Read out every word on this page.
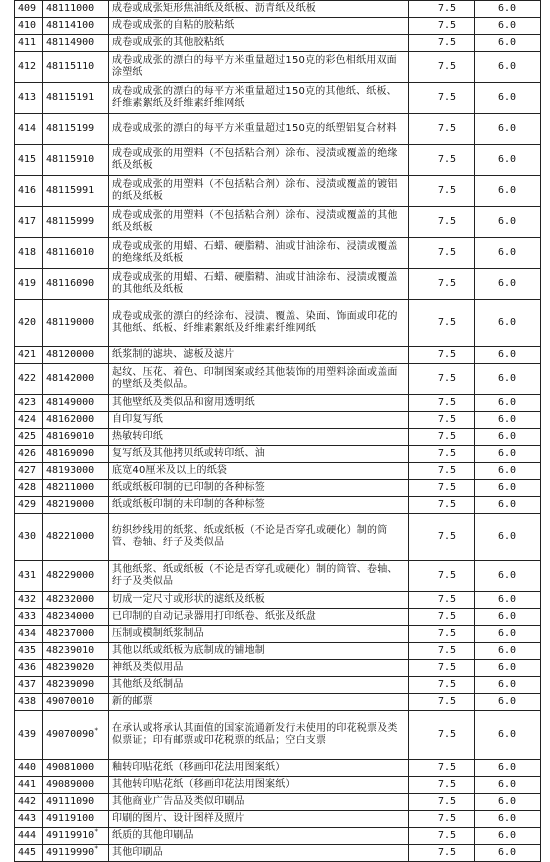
409	48111000	成卷或成张矩形焦油纸及纸板、沥青纸及纸板	7.5	6.0
410	48114100	成卷或成张的自粘的胶粘纸	7.5	6.0
411	48114900	成卷或成张的其他胶粘纸	7.5	6.0
412	48115110	成卷或成张的漂白的每平方米重量超过150克的彩色相纸用双面涂塑纸	7.5	6.0
413	48115191	成卷或成张的漂白的每平方米重量超过150克的其他纸、纸板、纤维素絮纸及纤维素纤维网纸	7.5	6.0
414	48115199	成卷或成张的漂白的每平方米重量超过150克的纸塑铝复合材料	7.5	6.0
415	48115910	成卷或成张的用塑料（不包括粘合剂）涂布、浸渍或覆盖的绝缘纸及纸板	7.5	6.0
416	48115991	成卷或成张的用塑料（不包括粘合剂）涂布、浸渍或覆盖的镀铝的纸及纸板	7.5	6.0
417	48115999	成卷或成张的用塑料（不包括粘合剂）涂布、浸渍或覆盖的其他纸及纸板	7.5	6.0
418	48116010	成卷或成张的用蜡、石蜡、硬脂精、油或甘油涂布、浸渍或覆盖的绝缘纸及纸板	7.5	6.0
419	48116090	成卷或成张的用蜡、石蜡、硬脂精、油或甘油涂布、浸渍或覆盖的其他纸及纸板	7.5	6.0
420	48119000	成卷或成张的漂白的经涂布、浸渍、覆盖、染面、饰面或印花的其他纸、纸板、纤维素絮纸及纤维素纤维网纸	7.5	6.0
421	48120000	纸浆制的滤块、滤板及滤片	7.5	6.0
422	48142000	起纹、压花、着色、印制图案或经其他装饰的用塑料涂面或盖面的壁纸及类似品。	7.5	6.0
423	48149000	其他壁纸及类似品和窗用透明纸	7.5	6.0
424	48162000	自印复写纸	7.5	6.0
425	48169010	热敏转印纸	7.5	6.0
426	48169090	复写纸及其他拷贝纸或转印纸、油	7.5	6.0
427	48193000	底宽40厘米及以上的纸袋	7.5	6.0
428	48211000	纸或纸板印制的已印制的各种标签	7.5	6.0
429	48219000	纸或纸板印制的未印制的各种标签	7.5	6.0
430	48221000	纺织纱线用的纸浆、纸或纸板（不论是否穿孔或硬化）制的筒管、卷轴、纡子及类似品	7.5	6.0
431	48229000	其他纸浆、纸或纸板（不论是否穿孔或硬化）制的筒管、卷轴、纡子及类似品	7.5	6.0
432	48232000	切成一定尺寸或形状的滤纸及纸板	7.5	6.0
433	48234000	已印制的自动记录器用打印纸卷、纸张及纸盘	7.5	6.0
434	48237000	压制或模制纸浆制品	7.5	6.0
435	48239010	其他以纸或纸板为底制成的铺地制	7.5	6.0
436	48239020	神纸及类似用品	7.5	6.0
437	48239090	其他纸及纸制品	7.5	6.0
438	49070010	新的邮票	7.5	6.0
439	49070090*	在承认或将承认其面值的国家流通新发行未使用的印花税票及类似票证；印有邮票或印花税票的纸品；空白支票	7.5	6.0
440	49081000	釉转印贴花纸（移画印花法用图案纸）	7.5	6.0
441	49089000	其他转印贴花纸（移画印花法用图案纸）	7.5	6.0
442	49111090	其他商业广告品及类似印刷品	7.5	6.0
443	49119100	印刷的图片、设计图样及照片	7.5	6.0
444	49119910*	纸质的其他印刷品	7.5	6.0
445	49119990*	其他印刷品	7.5	6.0
